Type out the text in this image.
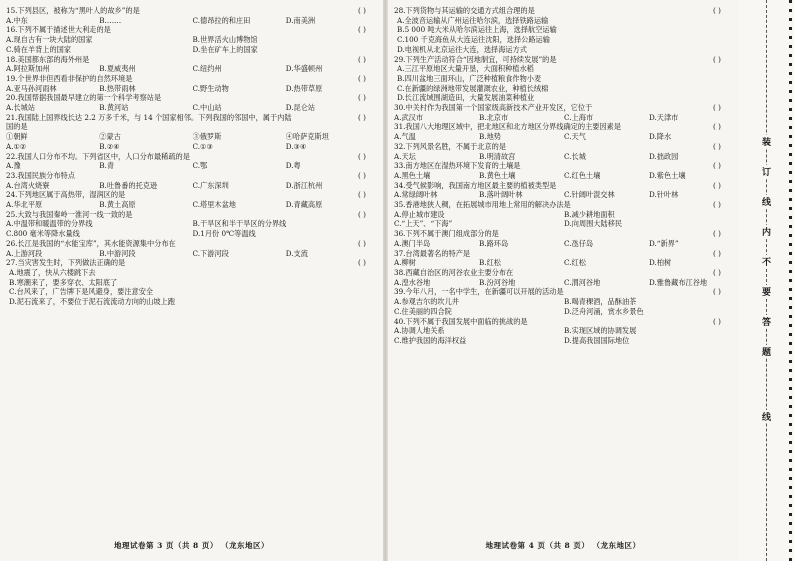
15.下列县区，被称为“黑叶人的故乡”的是	( )
A.中东	B.……	C.德昂拉的和庄田	D.南美洲
16.下列不属于描述世大利走的是	( )
A.现自古有一块大陆的国家	B.世界活火山博物馆
C.骑在羊背上的国家	D.坐在矿车上的国家
18.美国都东部的海外州是	( )
A.阿拉斯加州	B.夏威夷州	C.纽约州	D.华盛顿州
19.个世界非但西看非保护的自然环境是	( )
A.亚马孙河雨林	B.热带雨林	C.野生动物	D.热带草原
20.我国帮据我国最早建立的第一个科学考察站是	( )
A.长城站	B.黄河站	C.中山站	D.昆仑站
21.我国陆上国界线长达 2.2 万多千米，与 14 个国家相邻。下列我国的邻国中，属于内陆	( )
国的是
①朝鲜	②蒙古	③俄罗斯	④哈萨克斯坦
A.①②	B.②④	C.①③	D.③④
22.我国人口分布不均。下列省区中，人口分布最稀疏的是	( )
A.豫	B.青	C.鄂	D.粤
23.我国民族分布特点	( )
A.台湾火烧寮	B.吐鲁番的托克逊	C.广东深圳	D.浙江杭州
24.下列地区属于高热带，湿润区的是	( )
A.华北平原	B.黄土高原	C.塔里木盆地	D.青藏高原
25.大致与我国秦岭一淮河一线一致的是	( )
A.中温带和暖温带的分界线	B.干旱区和半干旱区的分界线
C.800 毫米等降水量线	D.1月份 0℃等温线
26.长江是我国的“水能宝库”，其水能资源集中分布在	( )
A.上游河段	B.中游河段	C.下游河段	D.支流
27.当灾害发生时，下列做法正确的是	( )
A.地震了，快从六楼跳下去
B.寒潮来了，要多穿衣、太阳底了
C.台风来了，广告牌下是风避身，要注意安全
D.泥石流来了，不要位于泥石流流动方向的山坡上跑
地理试卷第 3 页（共 8 页） （龙东地区）
28.下列货物与其运输的交通方式组合理的是	( )
A.全波音运输从广州运往哈尔滨，选择铁路运输
B.5 000 吨大米从哈尔滨运往上海，选择航空运输
C.100 千克海鱼从大连运往沈阳，选择公路运输
D.电视机从北京运往大连，选择海运方式
29.下列生产活动符合“因地制宜，可持续发展”的是	( )
A.三江平原地区大量开垦，大面积种植水稻
B.四川盆地三面环山，广泛种植粮食作物小麦
C.在新疆的绿洲地带发展灌溉农业，种植长绒棉
D.长江流域围湖造田，大量发展油菜种植业
30.中关村作为我国第一个国家级高新技术产业开发区，它位于	( )
A.武汉市	B.北京市	C.上海市	D.天津市
31.我国八大地理区域中，把北地区和北方地区分界线确定的主要因素是	( )
A.气温	B.地势	C.天气	D.降水
32.下列风景名胜，不属于北京的是	( )
A.天坛	B.明清故宫	C.长城	D.拙政园
33.南方地区在湿热环境下发育的土壤是	( )
A.黑色土壤	B.黄色土壤	C.红色土壤	D.紫色土壤
34.受气候影响，我国南方地区最主要的植被类型是	( )
A.常绿阔叶林	B.落叶阔叶林	C.针阔叶混交林	D.针叶林
35.香港地狭人稠，在拓展城市用地上常用的解决办法是	( )
A.停止城市建设	B.减少耕地面积
C.“上天”、“下海”	D.向周围大陆移民
36.下列不属于澳门组成部分的是	( )
A.澳门半岛	B.路环岛	C.氹仔岛	D.“新界”
37.台湾最著名的特产是	( )
A.柳树	B.红松	C.红松	D.柏树
38.西藏自治区的河谷农业主要分布在	( )
A.湟水谷地	B.汾河谷地	C.渭河谷地	D.雅鲁藏布江谷地
39.今年八月，一名中学生，在新疆可以开展的活动是	( )
A.参观吉尔的坎儿井	B.喝青稞酒，品酥油茶
C.住美丽的四合院	D.泛舟河涌，赏水乡景色
40.下列不属于我国发展中面临的挑战的是	( )
A.协调人地关系	B.实现区域的协调发展
C.维护我国的海洋权益	D.提高我国国际地位
地理试卷第 4 页（共 8 页） （龙东地区）
装
订
线
内
不
要
答
题
线
